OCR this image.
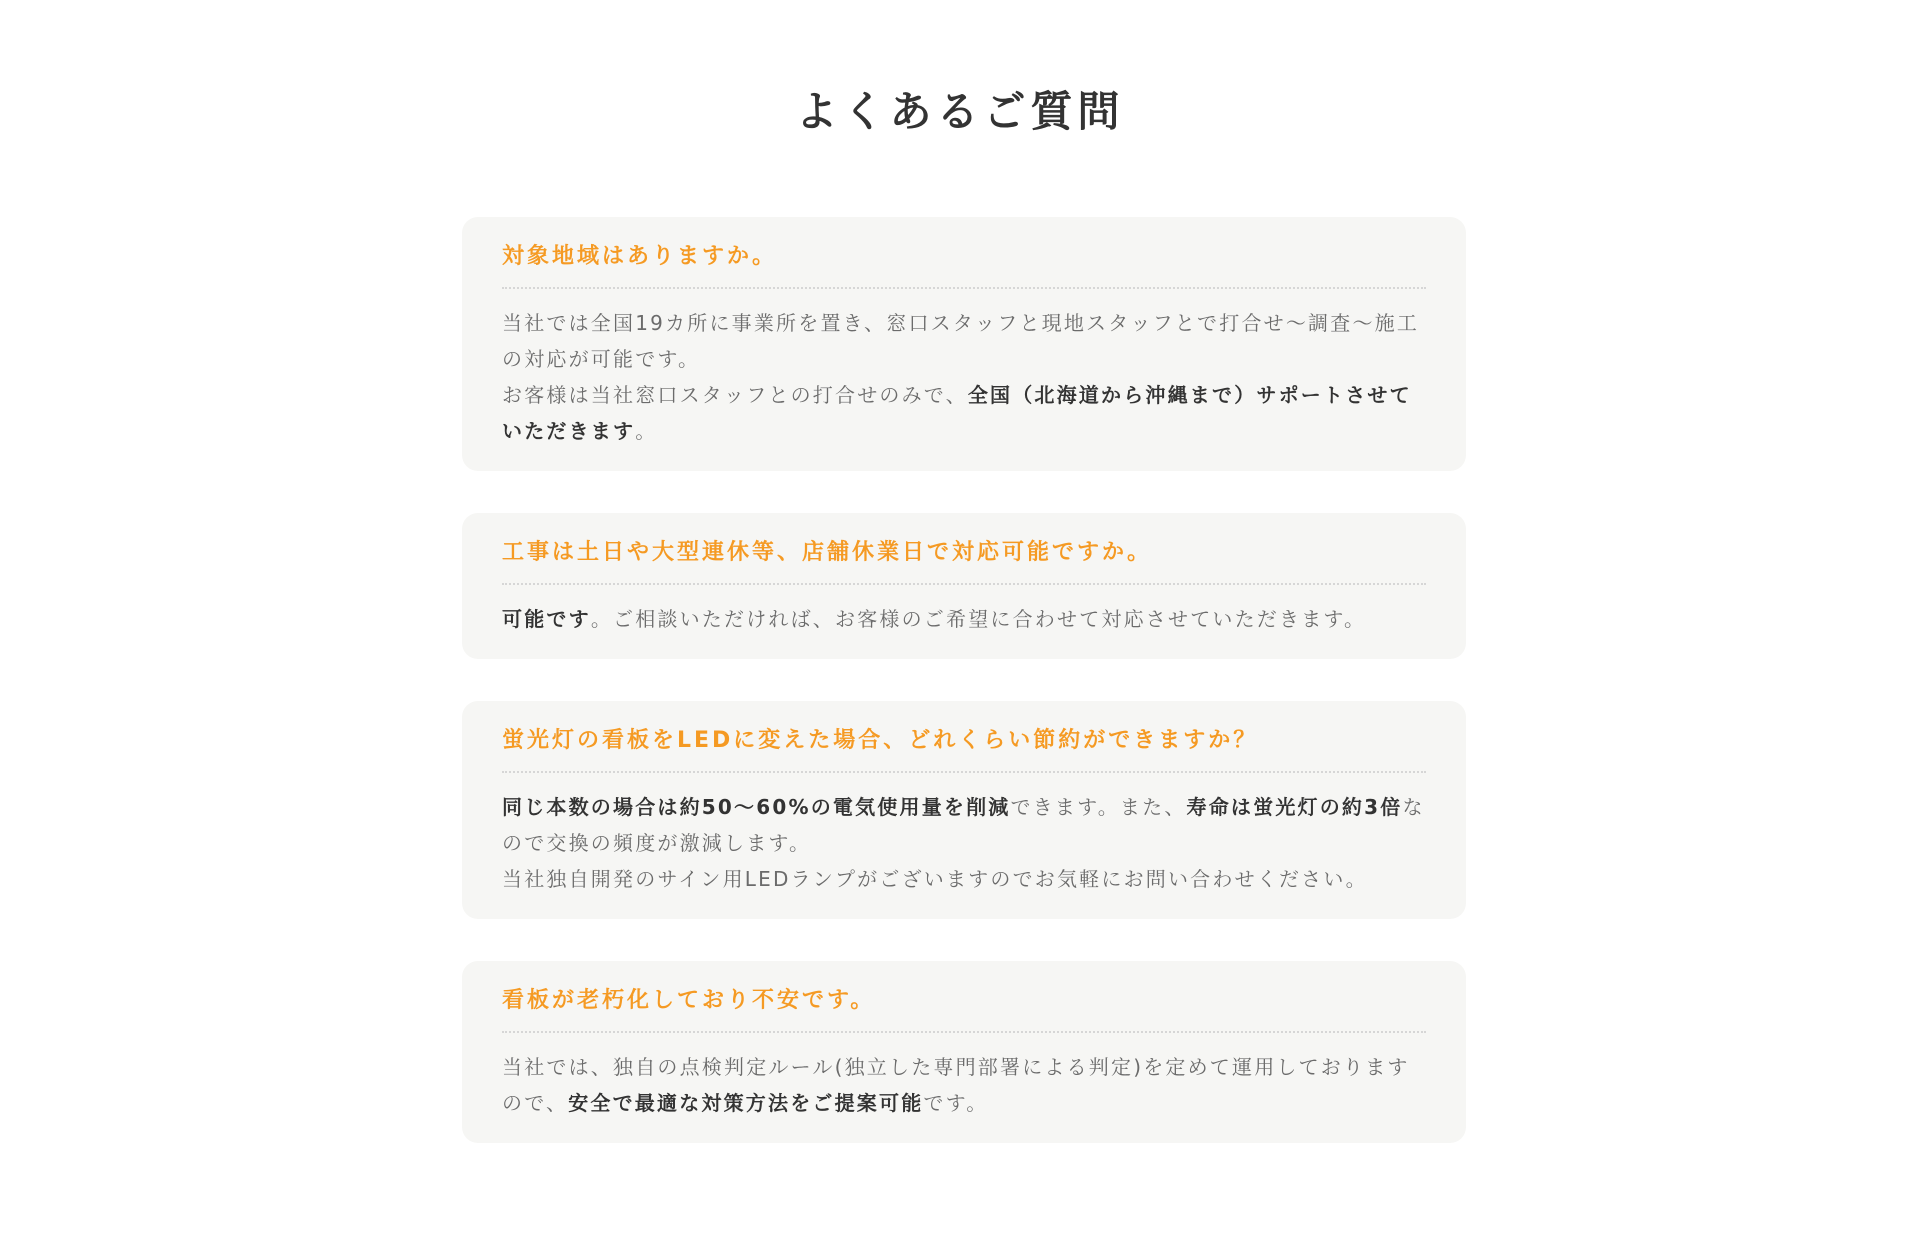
よくあるご質問
対象地域はありますか。

当社では全国19カ所に事業所を置き、窓口スタッフと現地スタッフとで打合せ〜調査〜施工の対応が可能です。

お客様は当社窓口スタッフとの打合せのみで、全国（北海道から沖縄まで）サポートさせていただきます。

工事は土日や大型連休等、店舗休業日で対応可能ですか。

可能です。ご相談いただければ、お客様のご希望に合わせて対応させていただきます。

蛍光灯の看板をLEDに変えた場合、どれくらい節約ができますか？

同じ本数の場合は約50〜60%の電気使用量を削減できます。また、寿命は蛍光灯の約3倍なので交換の頻度が激減します。

当社独自開発のサイン用LEDランプがございますのでお気軽にお問い合わせください。

看板が老朽化しており不安です。

当社では、独自の点検判定ルール(独立した専門部署による判定)を定めて運用しておりますので、安全で最適な対策方法をご提案可能です。
